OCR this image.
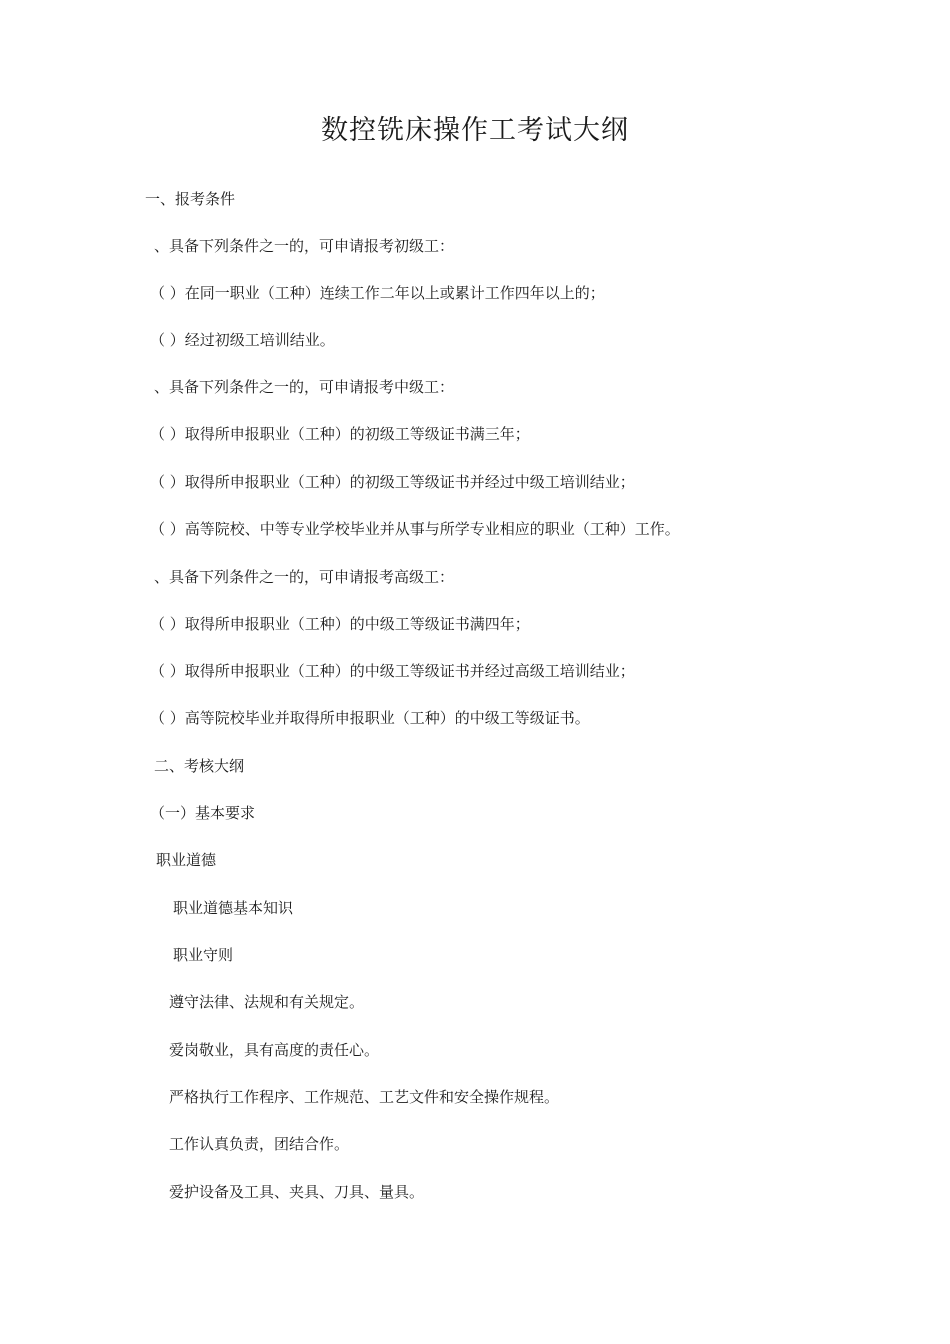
数控铣床操作工考试大纲
一、报考条件
、具备下列条件之一的，可申请报考初级工：
（ ）在同一职业（工种）连续工作二年以上或累计工作四年以上的；
（ ）经过初级工培训结业。
、具备下列条件之一的，可申请报考中级工：
（ ）取得所申报职业（工种）的初级工等级证书满三年；
（ ）取得所申报职业（工种）的初级工等级证书并经过中级工培训结业；
（ ）高等院校、中等专业学校毕业并从事与所学专业相应的职业（工种）工作。
、具备下列条件之一的，可申请报考高级工：
（ ）取得所申报职业（工种）的中级工等级证书满四年；
（ ）取得所申报职业（工种）的中级工等级证书并经过高级工培训结业；
（ ）高等院校毕业并取得所申报职业（工种）的中级工等级证书。
二、考核大纲
（一）基本要求
职业道德
职业道德基本知识
职业守则
遵守法律、法规和有关规定。
爱岗敬业，具有高度的责任心。
严格执行工作程序、工作规范、工艺文件和安全操作规程。
工作认真负责，团结合作。
爱护设备及工具、夹具、刀具、量具。
